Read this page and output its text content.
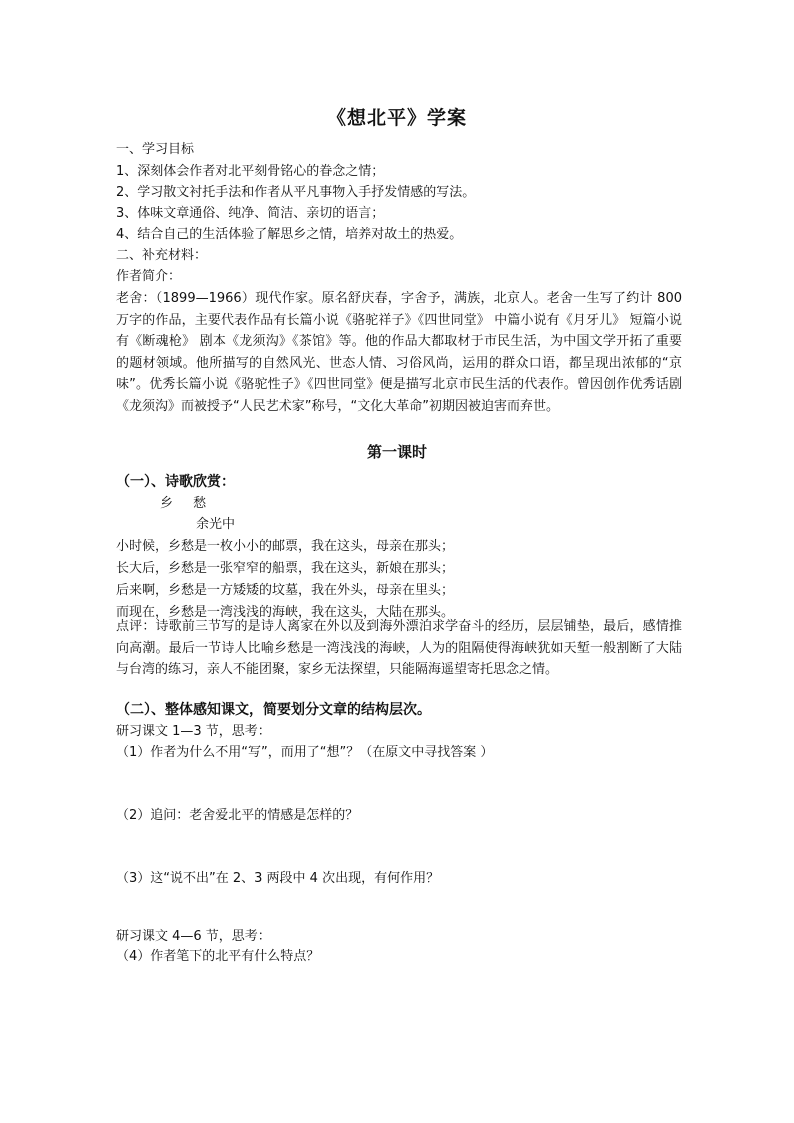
《想北平》学案
一、学习目标
1、深刻体会作者对北平刻骨铭心的眷念之情；
2、学习散文衬托手法和作者从平凡事物入手抒发情感的写法。
3、体味文章通俗、纯净、简洁、亲切的语言；
4、结合自己的生活体验了解思乡之情，培养对故土的热爱。
二、补充材料：
作者简介：
老舍：（1899—1966）现代作家。原名舒庆春，字舍予，满族，北京人。老舍一生写了约计 800 万字的作品，主要代表作品有长篇小说《骆驼祥子》《四世同堂》 中篇小说有《月牙儿》 短篇小说有《断魂枪》 剧本《龙须沟》《茶馆》等。他的作品大都取材于市民生活，为中国文学开拓了重要的题材领域。他所描写的自然风光、世态人情、习俗风尚，运用的群众口语，都呈现出浓郁的“京味”。优秀长篇小说《骆驼性子》《四世同堂》便是描写北京市民生活的代表作。曾因创作优秀话剧《龙须沟》而被授予“人民艺术家”称号，“文化大革命”初期因被迫害而弃世。
第一课时
（一）、诗歌欣赏：
乡 愁
余光中
小时候，乡愁是一枚小小的邮票，我在这头，母亲在那头；
长大后，乡愁是一张窄窄的船票，我在这头，新娘在那头；
后来啊，乡愁是一方矮矮的坟墓，我在外头，母亲在里头；
而现在，乡愁是一湾浅浅的海峡，我在这头，大陆在那头。
点评：诗歌前三节写的是诗人离家在外以及到海外漂泊求学奋斗的经历，层层铺垫，最后，感情推向高潮。最后一节诗人比喻乡愁是一湾浅浅的海峡，人为的阻隔使得海峡犹如天堑一般割断了大陆与台湾的练习，亲人不能团聚，家乡无法探望，只能隔海遥望寄托思念之情。
（二）、整体感知课文，简要划分文章的结构层次。
研习课文 1—3 节，思考：
（1）作者为什么不用“写”，而用了“想”？（在原文中寻找答案 ）
（2）追问：老舍爱北平的情感是怎样的？
（3）这“说不出”在 2、3 两段中 4 次出现，有何作用？
研习课文 4—6 节，思考：
（4）作者笔下的北平有什么特点？
